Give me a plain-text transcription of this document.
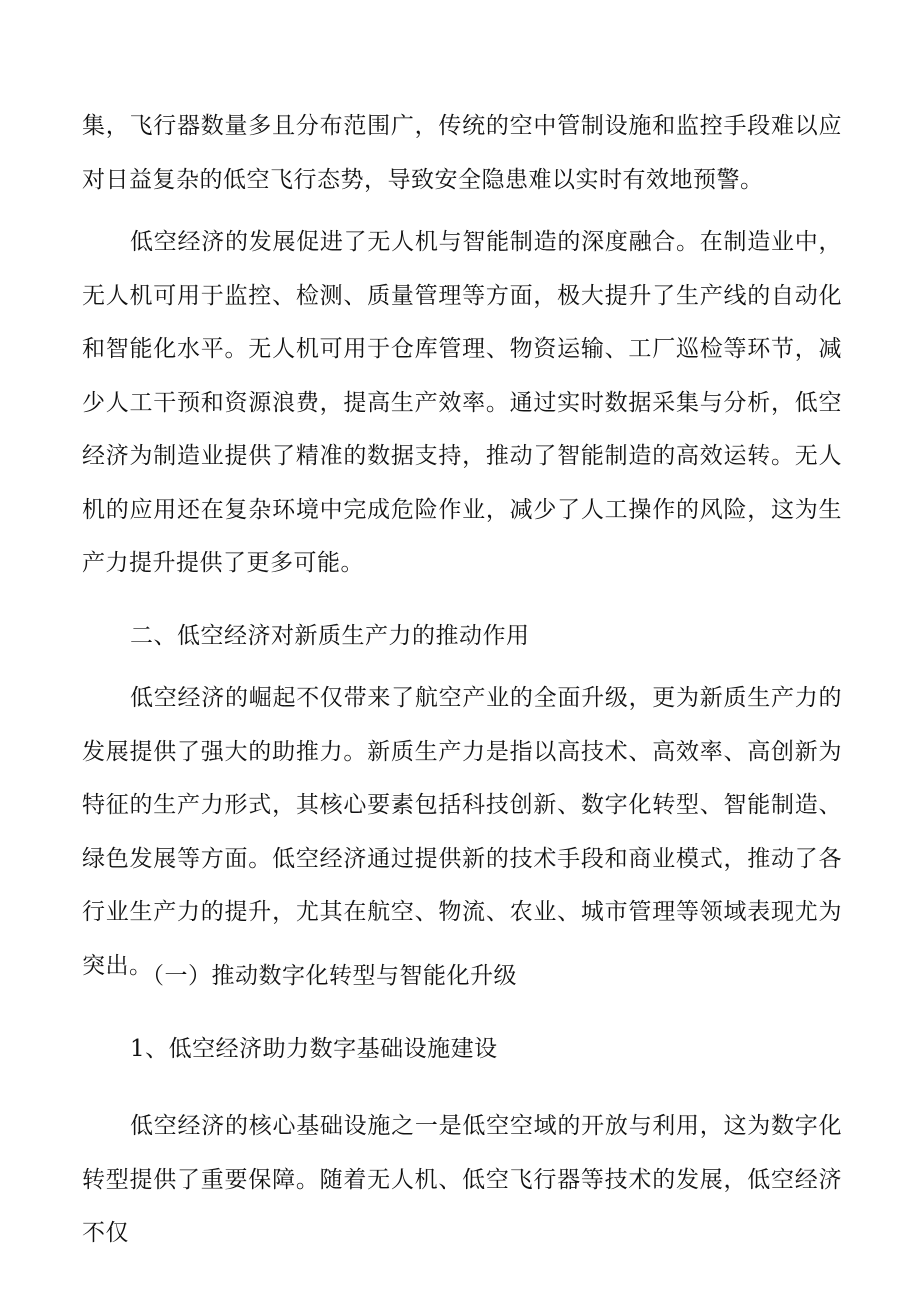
集，飞行器数量多且分布范围广，传统的空中管制设施和监控手段难以应对日益复杂的低空飞行态势，导致安全隐患难以实时有效地预警。

低空经济的发展促进了无人机与智能制造的深度融合。在制造业中，无人机可用于监控、检测、质量管理等方面，极大提升了生产线的自动化和智能化水平。无人机可用于仓库管理、物资运输、工厂巡检等环节，减少人工干预和资源浪费，提高生产效率。通过实时数据采集与分析，低空经济为制造业提供了精准的数据支持，推动了智能制造的高效运转。无人机的应用还在复杂环境中完成危险作业，减少了人工操作的风险，这为生产力提升提供了更多可能。

二、低空经济对新质生产力的推动作用

低空经济的崛起不仅带来了航空产业的全面升级，更为新质生产力的发展提供了强大的助推力。新质生产力是指以高技术、高效率、高创新为特征的生产力形式，其核心要素包括科技创新、数字化转型、智能制造、绿色发展等方面。低空经济通过提供新的技术手段和商业模式，推动了各行业生产力的提升，尤其在航空、物流、农业、城市管理等领域表现尤为突出。

（一）推动数字化转型与智能化升级
1、低空经济助力数字基础设施建设

低空经济的核心基础设施之一是低空空域的开放与利用，这为数字化转型提供了重要保障。随着无人机、低空飞行器等技术的发展，低空经济不仅
